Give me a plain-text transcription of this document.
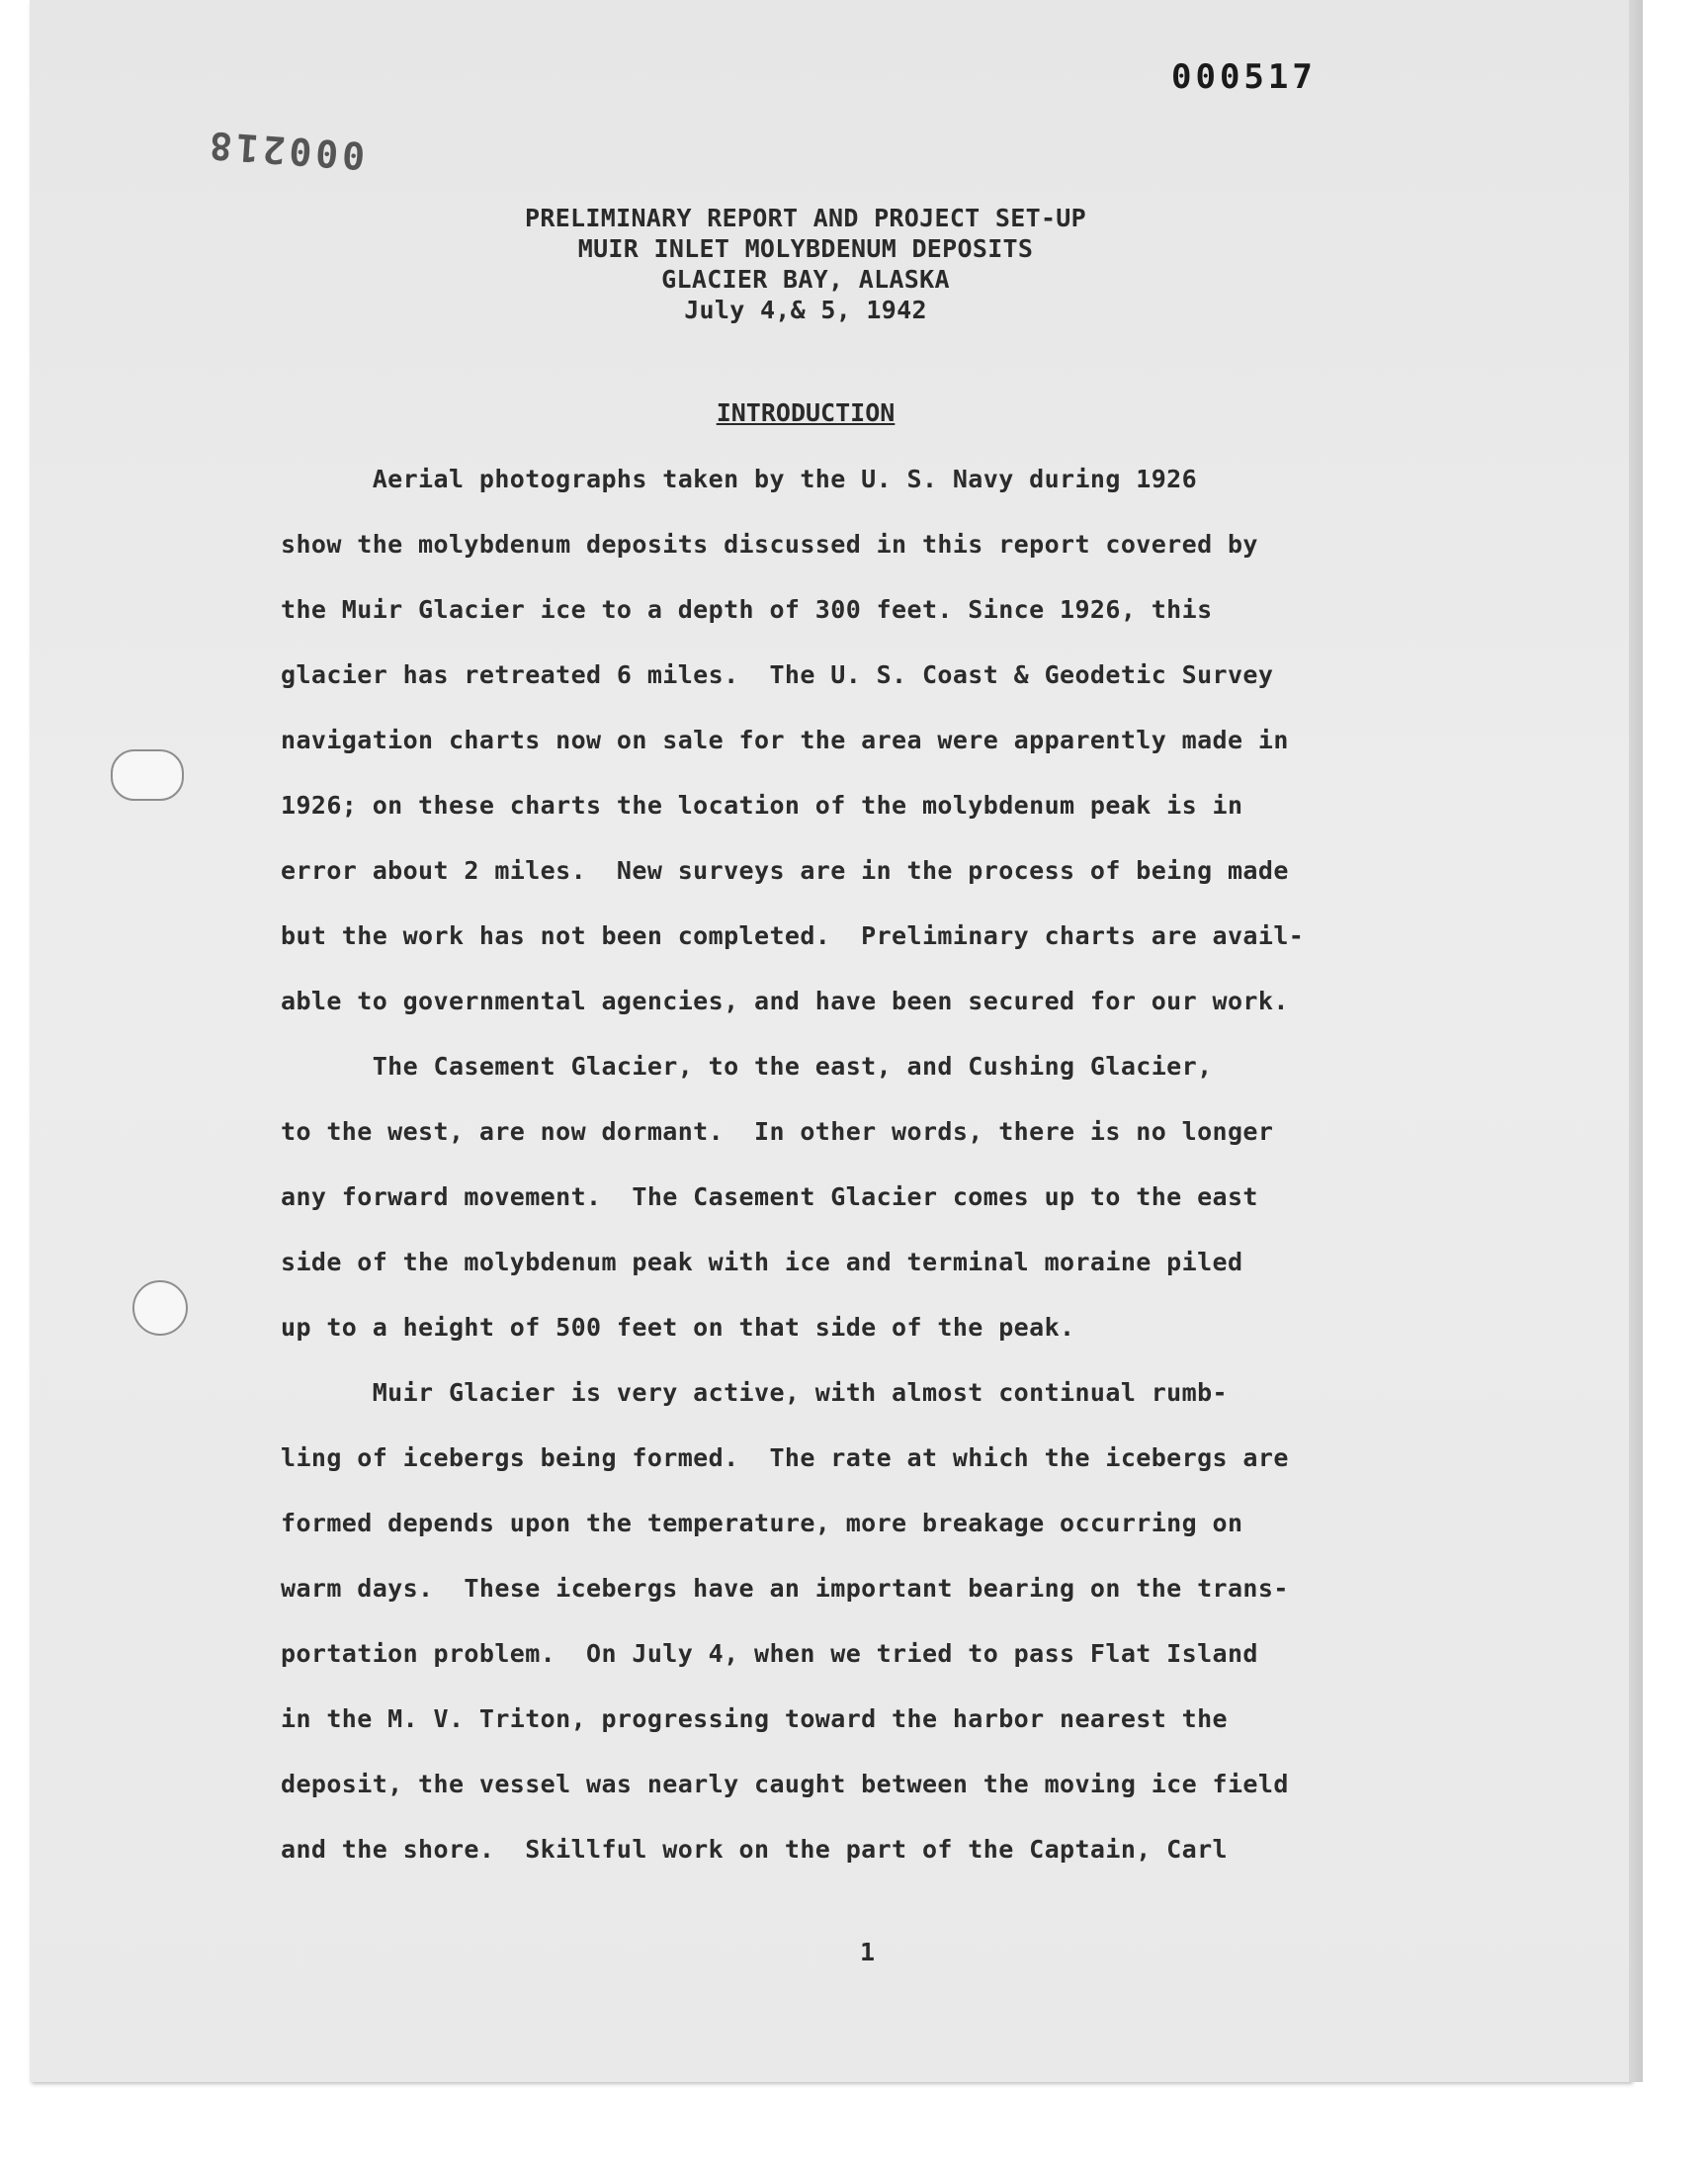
000517
000218
PRELIMINARY REPORT AND PROJECT SET-UP
MUIR INLET MOLYBDENUM DEPOSITS
GLACIER BAY, ALASKA
July 4,& 5, 1942
INTRODUCTION
Aerial photographs taken by the U. S. Navy during 1926
show the molybdenum deposits discussed in this report covered by
the Muir Glacier ice to a depth of 300 feet. Since 1926, this
glacier has retreated 6 miles.  The U. S. Coast & Geodetic Survey
navigation charts now on sale for the area were apparently made in
1926; on these charts the location of the molybdenum peak is in
error about 2 miles.  New surveys are in the process of being made
but the work has not been completed.  Preliminary charts are avail-
able to governmental agencies, and have been secured for our work.
The Casement Glacier, to the east, and Cushing Glacier,
to the west, are now dormant.  In other words, there is no longer
any forward movement.  The Casement Glacier comes up to the east
side of the molybdenum peak with ice and terminal moraine piled
up to a height of 500 feet on that side of the peak.
Muir Glacier is very active, with almost continual rumb-
ling of icebergs being formed.  The rate at which the icebergs are
formed depends upon the temperature, more breakage occurring on
warm days.  These icebergs have an important bearing on the trans-
portation problem.  On July 4, when we tried to pass Flat Island
in the M. V. Triton, progressing toward the harbor nearest the
deposit, the vessel was nearly caught between the moving ice field
and the shore.  Skillful work on the part of the Captain, Carl
1
